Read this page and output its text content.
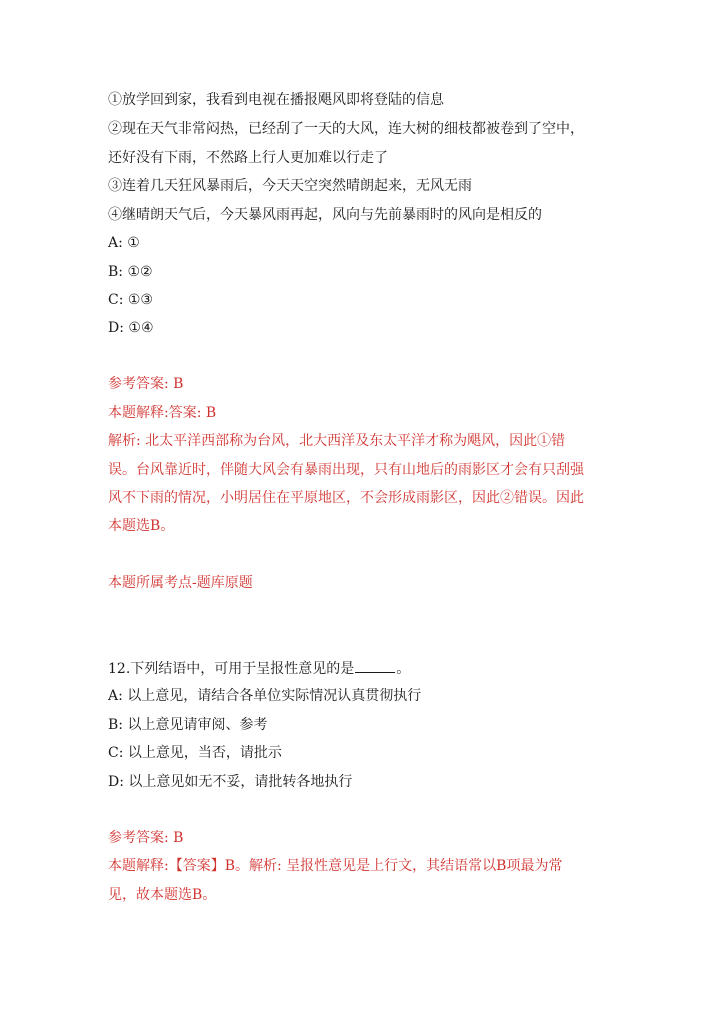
①放学回到家，我看到电视在播报飓风即将登陆的信息
②现在天气非常闷热，已经刮了一天的大风，连大树的细枝都被卷到了空中，
还好没有下雨，不然路上行人更加难以行走了
③连着几天狂风暴雨后，今天天空突然晴朗起来，无风无雨
④继晴朗天气后，今天暴风雨再起，风向与先前暴雨时的风向是相反的
A: ①
B: ①②
C: ①③
D: ①④
参考答案: B
本题解释:答案: B
解析: 北太平洋西部称为台风，北大西洋及东太平洋才称为飓风，因此①错
误。台风靠近时，伴随大风会有暴雨出现，只有山地后的雨影区才会有只刮强
风不下雨的情况，小明居住在平原地区，不会形成雨影区，因此②错误。因此
本题选B。
本题所属考点-题库原题
12.下列结语中，可用于呈报性意见的是	。
A: 以上意见，请结合各单位实际情况认真贯彻执行
B: 以上意见请审阅、参考
C: 以上意见，当否，请批示
D: 以上意见如无不妥，请批转各地执行
参考答案: B
本题解释:【答案】B。解析: 呈报性意见是上行文，其结语常以B项最为常
见，故本题选B。
